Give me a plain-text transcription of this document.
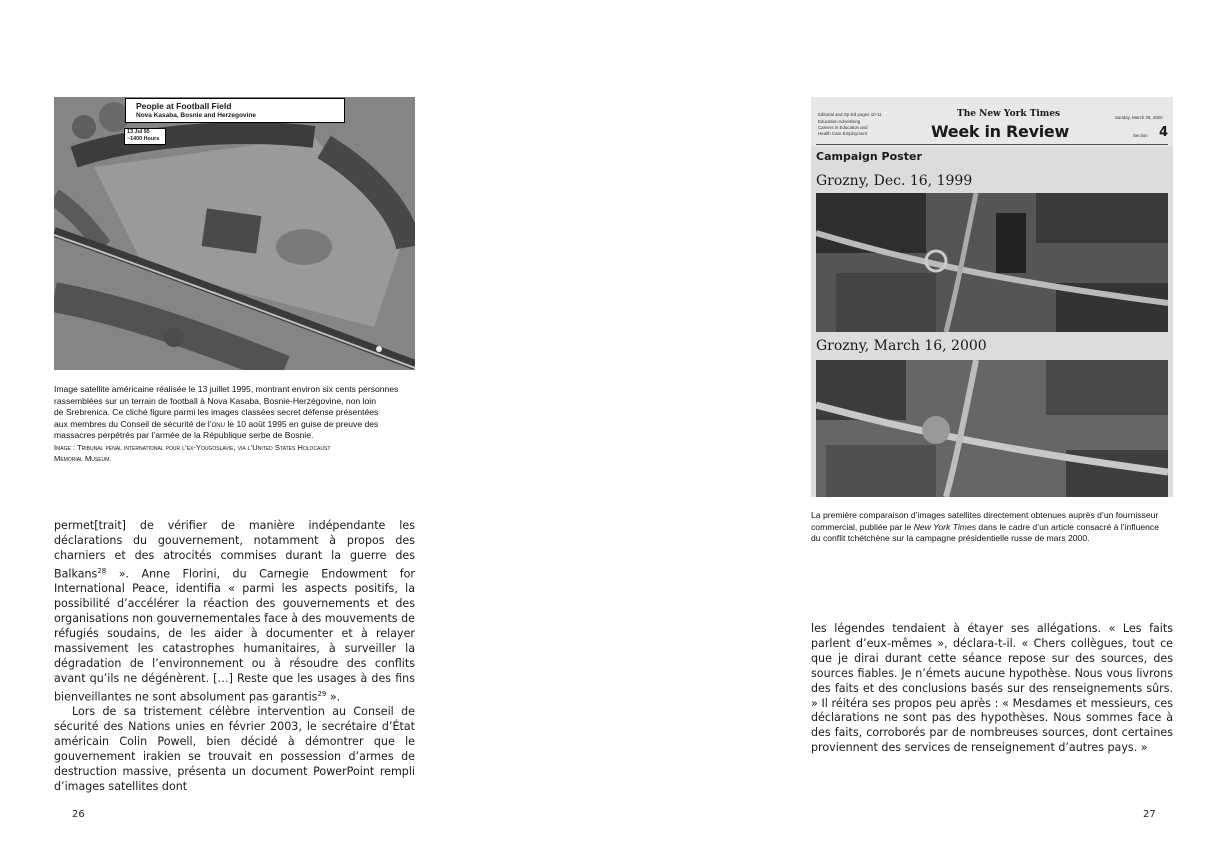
People at Football Field
Nova Kasaba, Bosnie and Herzegovine
13 Jul 95
~1400 Hours
Image satellite américaine réalisée le 13 juillet 1995, montrant environ six cents personnes
rassemblées sur un terrain de football à Nova Kasaba, Bosnie-Herzégovine, non loin
de Srebrenica. Ce cliché figure parmi les images classées secret défense présentées
aux membres du Conseil de sécurité de l’onu le 10 août 1995 en guise de preuve des
massacres perpétrés par l’armée de la République serbe de Bosnie.
Image : Tribunal pénal international pour l’ex-Yougoslavie, via l’United States Holocaust
Memorial Museum.

permet[trait] de vérifier de manière indépendante les déclarations du gouvernement, notamment à propos des charniers et des atrocités commises durant la guerre des Balkans$^{28}$ ». Anne Florini, du Carnegie Endowment for International Peace, identifia « parmi les aspects positifs, la possibilité d’accélérer la réaction des gouvernements et des organisations non gouvernementales face à des mouvements de réfugiés soudains, de les aider à documenter et à relayer massivement les catastrophes humanitaires, à surveiller la dégradation de l’environnement ou à résoudre des conflits avant qu’ils ne dégénèrent. […] Reste que les usages à des fins bienveillantes ne sont absolument pas garantis$^{29}$ ».

Lors de sa tristement célèbre intervention au Conseil de sécurité des Nations unies en février 2003, le secrétaire d’État américain Colin Powell, bien décidé à démontrer que le gouvernement irakien se trouvait en possession d’armes de destruction massive, présenta un document PowerPoint rempli d’images satellites dont

26
Editorial and Op-Ed pages 10-11
Education Advertising
Careers in Education and
Health Care Employment
The New York Times
Week in Review
Sunday, March 26, 2000
Section 4
Campaign Poster
Grozny, Dec. 16, 1999
Grozny, March 16, 2000
La première comparaison d’images satellites directement obtenues auprès d’un fournisseur
commercial, publiée par le New York Times dans le cadre d’un article consacré à l’influence
du conflit tchétchène sur la campagne présidentielle russe de mars 2000.

les légendes tendaient à étayer ses allégations. « Les faits parlent d’eux-mêmes », déclara-t-il. « Chers collègues, tout ce que je dirai durant cette séance repose sur des sources, des sources fiables. Je n’émets aucune hypothèse. Nous vous livrons des faits et des conclusions basés sur des renseignements sûrs. » Il réitéra ses propos peu après : « Mesdames et messieurs, ces déclarations ne sont pas des hypothèses. Nous sommes face à des faits, corroborés par de nombreuses sources, dont certaines proviennent des services de renseignement d’autres pays. »

27
